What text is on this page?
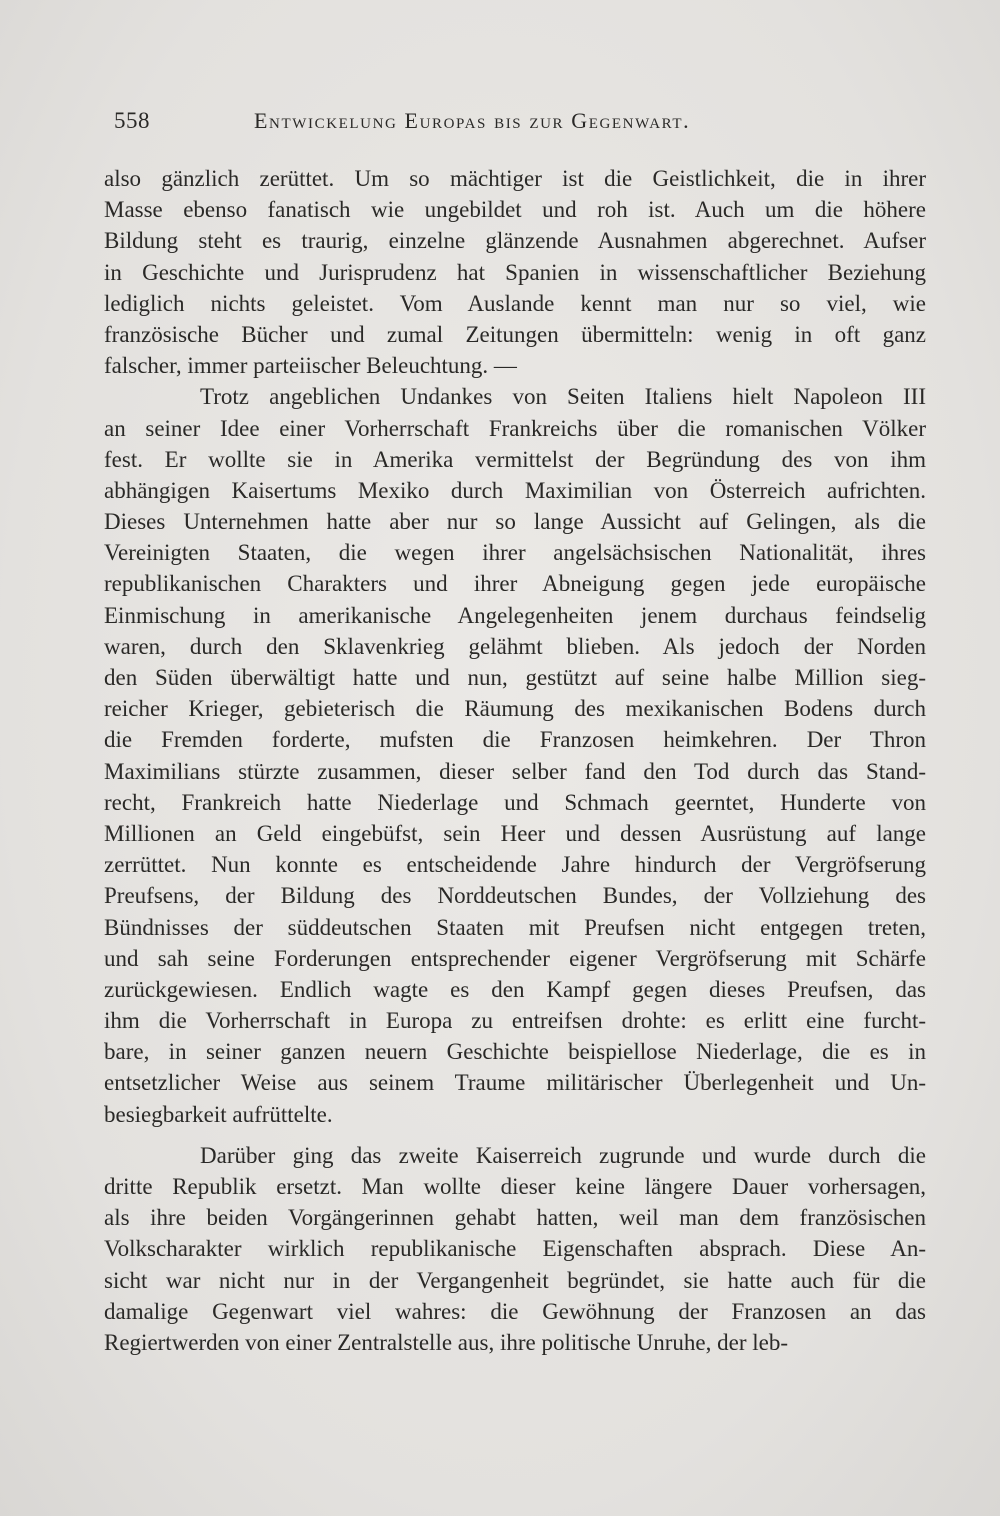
558	Entwickelung Europas bis zur Gegenwart.
also gänzlich zerüttet. Um so mächtiger ist die Geistlichkeit, die in ihrer
Masse ebenso fanatisch wie ungebildet und roh ist. Auch um die höhere
Bildung steht es traurig, einzelne glänzende Ausnahmen abgerechnet. Aufser
in Geschichte und Jurisprudenz hat Spanien in wissenschaftlicher Beziehung
lediglich nichts geleistet. Vom Auslande kennt man nur so viel, wie
französische Bücher und zumal Zeitungen übermitteln: wenig in oft ganz
falscher, immer parteiischer Beleuchtung. —
Trotz angeblichen Undankes von Seiten Italiens hielt Napoleon III
an seiner Idee einer Vorherrschaft Frankreichs über die romanischen Völker
fest. Er wollte sie in Amerika vermittelst der Begründung des von ihm
abhängigen Kaisertums Mexiko durch Maximilian von Österreich aufrichten.
Dieses Unternehmen hatte aber nur so lange Aussicht auf Gelingen, als die
Vereinigten Staaten, die wegen ihrer angelsächsischen Nationalität, ihres
republikanischen Charakters und ihrer Abneigung gegen jede europäische
Einmischung in amerikanische Angelegenheiten jenem durchaus feindselig
waren, durch den Sklavenkrieg gelähmt blieben. Als jedoch der Norden
den Süden überwältigt hatte und nun, gestützt auf seine halbe Million sieg-
reicher Krieger, gebieterisch die Räumung des mexikanischen Bodens durch
die Fremden forderte, mufsten die Franzosen heimkehren. Der Thron
Maximilians stürzte zusammen, dieser selber fand den Tod durch das Stand-
recht, Frankreich hatte Niederlage und Schmach geerntet, Hunderte von
Millionen an Geld eingebüfst, sein Heer und dessen Ausrüstung auf lange
zerrüttet. Nun konnte es entscheidende Jahre hindurch der Vergröfserung
Preufsens, der Bildung des Norddeutschen Bundes, der Vollziehung des
Bündnisses der süddeutschen Staaten mit Preufsen nicht entgegen treten,
und sah seine Forderungen entsprechender eigener Vergröfserung mit Schärfe
zurückgewiesen. Endlich wagte es den Kampf gegen dieses Preufsen, das
ihm die Vorherrschaft in Europa zu entreifsen drohte: es erlitt eine furcht-
bare, in seiner ganzen neuern Geschichte beispiellose Niederlage, die es in
entsetzlicher Weise aus seinem Traume militärischer Überlegenheit und Un-
besiegbarkeit aufrüttelte.
Darüber ging das zweite Kaiserreich zugrunde und wurde durch die
dritte Republik ersetzt. Man wollte dieser keine längere Dauer vorhersagen,
als ihre beiden Vorgängerinnen gehabt hatten, weil man dem französischen
Volkscharakter wirklich republikanische Eigenschaften absprach. Diese An-
sicht war nicht nur in der Vergangenheit begründet, sie hatte auch für die
damalige Gegenwart viel wahres: die Gewöhnung der Franzosen an das
Regiertwerden von einer Zentralstelle aus, ihre politische Unruhe, der leb-
